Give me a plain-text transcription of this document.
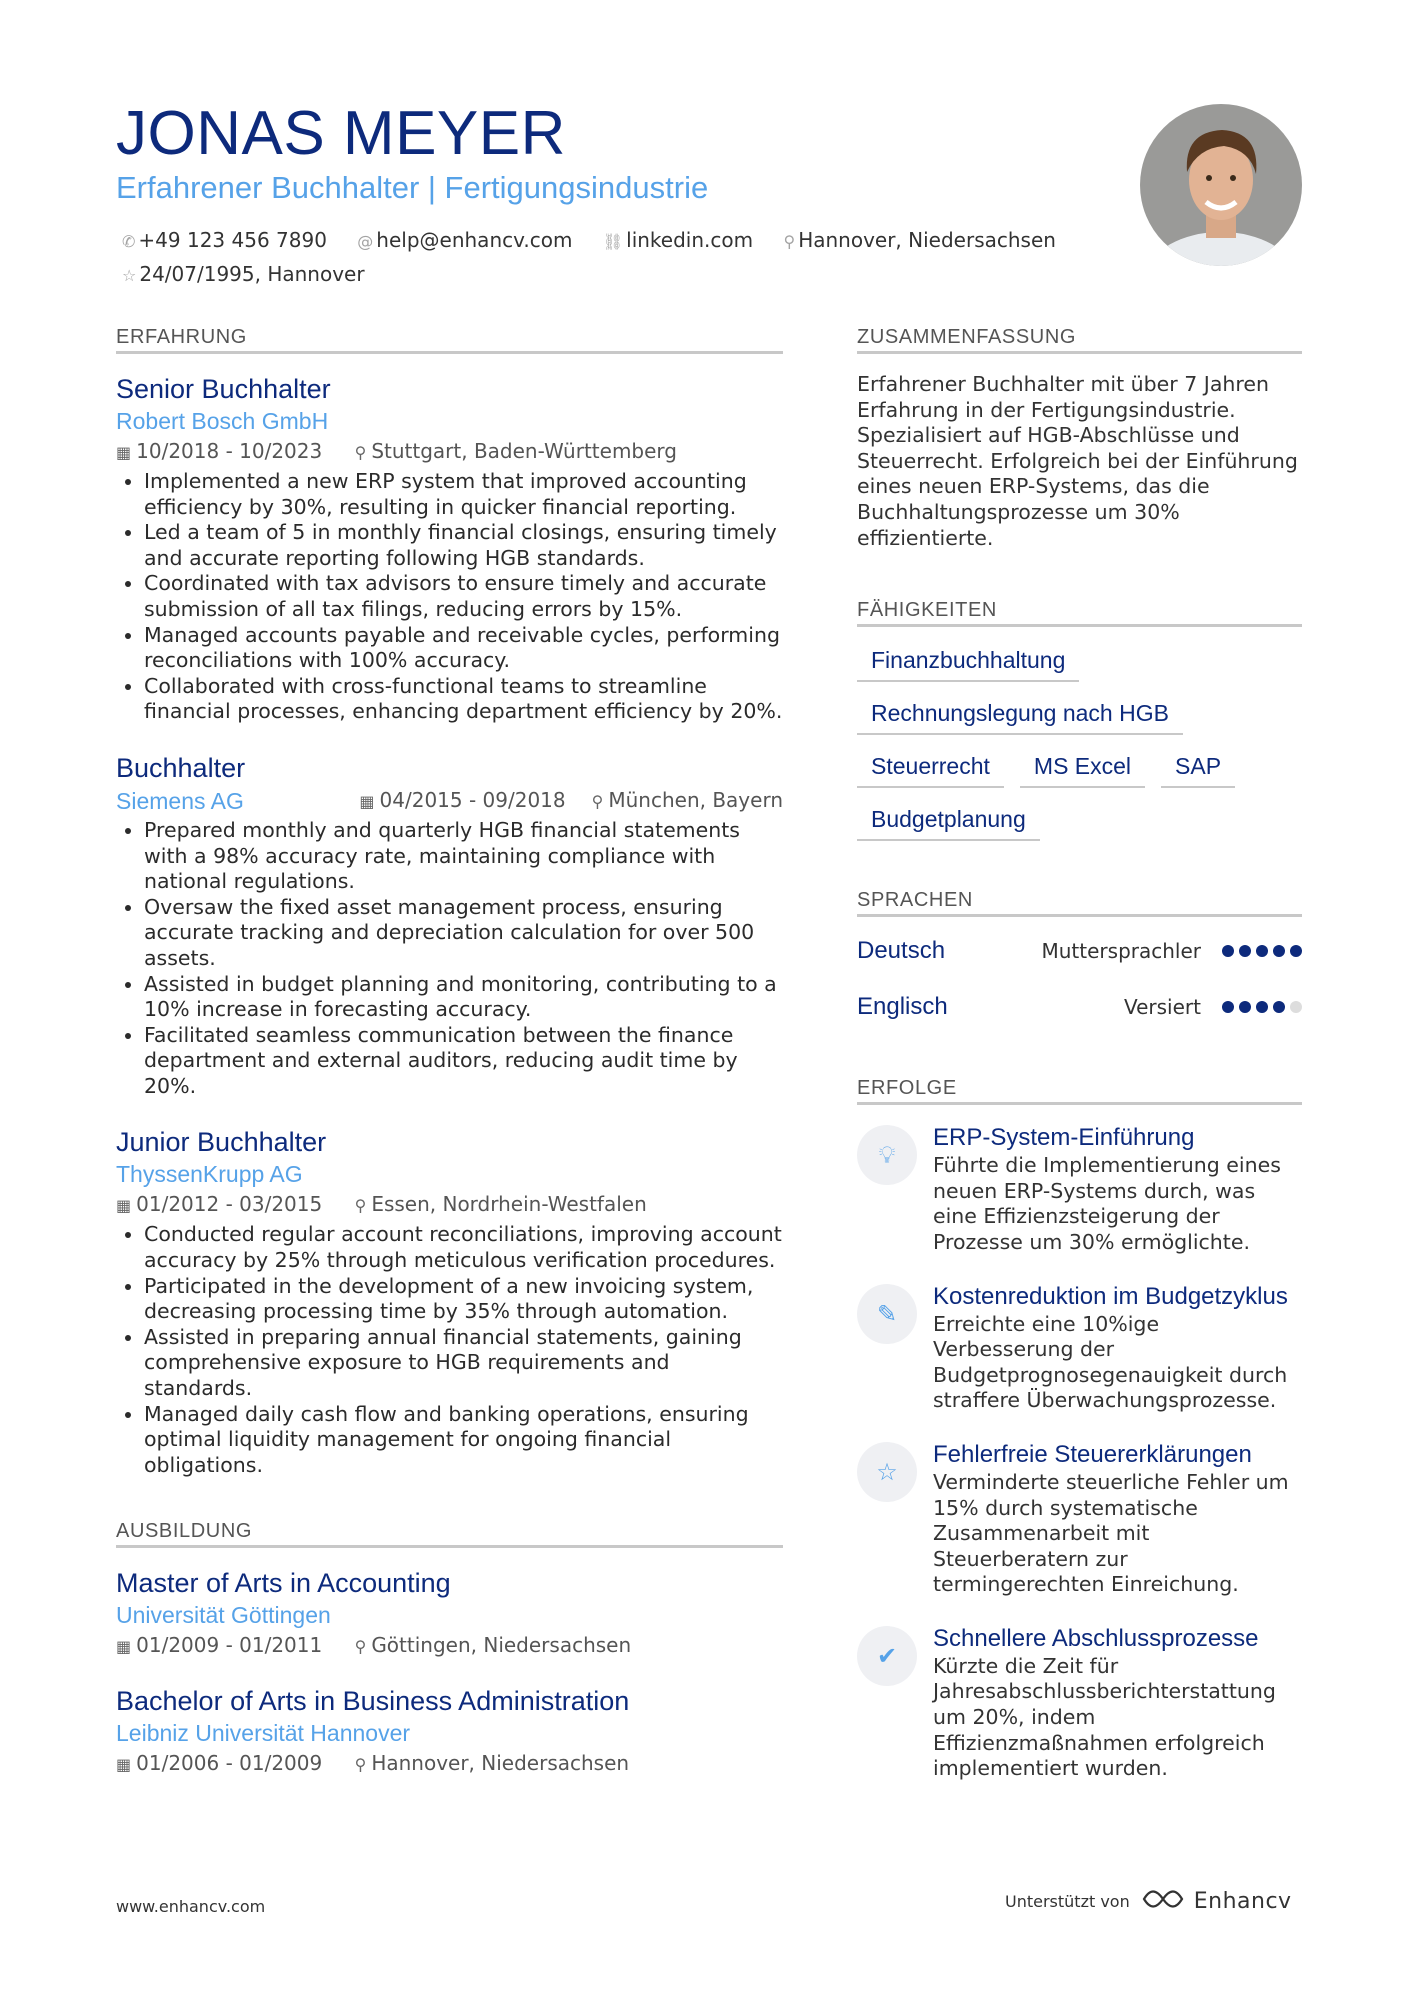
JONAS MEYER
Erfahrener Buchhalter | Fertigungsindustrie
✆ +49 123 456 7890 @ help@enhancv.com ⛓ linkedin.com ⚲ Hannover, Niedersachsen
☆ 24/07/1995, Hannover
ERFAHRUNG
Senior Buchhalter
Robert Bosch GmbH
▦ 10/2018 - 10/2023 ⚲ Stuttgart, Baden-Württemberg
• Implemented a new ERP system that improved accounting efficiency by 30%, resulting in quicker financial reporting.
• Led a team of 5 in monthly financial closings, ensuring timely and accurate reporting following HGB standards.
• Coordinated with tax advisors to ensure timely and accurate submission of all tax filings, reducing errors by 15%.
• Managed accounts payable and receivable cycles, performing reconciliations with 100% accuracy.
• Collaborated with cross-functional teams to streamline financial processes, enhancing department efficiency by 20%.
Buchhalter
Siemens AG	▦ 04/2015 - 09/2018 ⚲ München, Bayern
• Prepared monthly and quarterly HGB financial statements with a 98% accuracy rate, maintaining compliance with national regulations.
• Oversaw the fixed asset management process, ensuring accurate tracking and depreciation calculation for over 500 assets.
• Assisted in budget planning and monitoring, contributing to a 10% increase in forecasting accuracy.
• Facilitated seamless communication between the finance department and external auditors, reducing audit time by 20%.
Junior Buchhalter
ThyssenKrupp AG
▦ 01/2012 - 03/2015 ⚲ Essen, Nordrhein-Westfalen
• Conducted regular account reconciliations, improving account accuracy by 25% through meticulous verification procedures.
• Participated in the development of a new invoicing system, decreasing processing time by 35% through automation.
• Assisted in preparing annual financial statements, gaining comprehensive exposure to HGB requirements and standards.
• Managed daily cash flow and banking operations, ensuring optimal liquidity management for ongoing financial obligations.
AUSBILDUNG
Master of Arts in Accounting
Universität Göttingen
▦ 01/2009 - 01/2011 ⚲ Göttingen, Niedersachsen
Bachelor of Arts in Business Administration
Leibniz Universität Hannover
▦ 01/2006 - 01/2009 ⚲ Hannover, Niedersachsen
ZUSAMMENFASSUNG
Erfahrener Buchhalter mit über 7 Jahren Erfahrung in der Fertigungsindustrie. Spezialisiert auf HGB-Abschlüsse und Steuerrecht. Erfolgreich bei der Einführung eines neuen ERP-Systems, das die Buchhaltungsprozesse um 30% effizientierte.
FÄHIGKEITEN
Finanzbuchhaltung
Rechnungslegung nach HGB
Steuerrecht	MS Excel	SAP
Budgetplanung
SPRACHEN
Deutsch	Muttersprachler
Englisch	Versiert
ERFOLGE
💡︎
ERP-System-Einführung
Führte die Implementierung eines neuen ERP-Systems durch, was eine Effizienzsteigerung der Prozesse um 30% ermöglichte.
✎
Kostenreduktion im Budgetzyklus
Erreichte eine 10%ige Verbesserung der Budgetprognosegenauigkeit durch straffere Überwachungsprozesse.
☆
Fehlerfreie Steuererklärungen
Verminderte steuerliche Fehler um 15% durch systematische Zusammenarbeit mit Steuerberatern zur termingerechten Einreichung.
✔
Schnellere Abschlussprozesse
Kürzte die Zeit für Jahresabschlussberichterstattung um 20%, indem Effizienzmaßnahmen erfolgreich implementiert wurden.
www.enhancv.com	Unterstützt von	Enhancv
